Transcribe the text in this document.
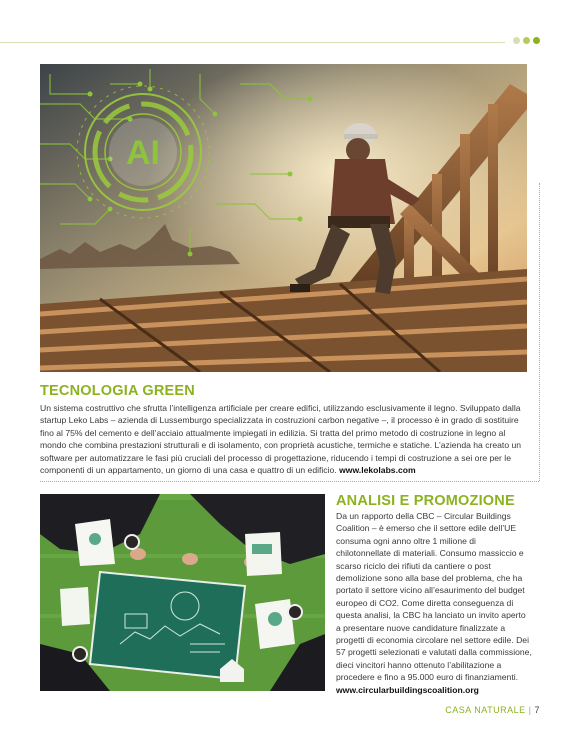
AI
TECNOLOGIA GREEN

Un sistema costruttivo che sfrutta l’intelligenza artificiale per creare edifici, utilizzando esclusivamente il legno. Sviluppato dalla startup Leko Labs – azienda di Lussemburgo specializzata in costruzioni carbon negative –, il processo è in grado di sostituire fino al 75% del cemento e dell’acciaio attualmente impiegati in edilizia. Si tratta del primo metodo di costruzione in legno al mondo che combina prestazioni strutturali e di isolamento, con proprietà acustiche, termiche e statiche. L’azienda ha creato un software per automatizzare le fasi più cruciali del processo di progettazione, riducendo i tempi di costruzione a sei ore per le componenti di un appartamento, un giorno di una casa e quattro di un edificio. www.lekolabs.com

ANALISI E PROMOZIONE

Da un rapporto della CBC – Circular Buildings Coalition – è emerso che il settore edile dell’UE consuma ogni anno oltre 1 milione di chilotonnellate di materiali. Consumo massiccio e scarso riciclo dei rifiuti da cantiere o post demolizione sono alla base del problema, che ha portato il settore vicino all’esaurimento del budget europeo di CO2. Come diretta conseguenza di questa analisi, la CBC ha lanciato un invito aperto a presentare nuove candidature finalizzate a progetti di economia circolare nel settore edile. Dei 57 progetti selezionati e valutati dalla commissione, dieci vincitori hanno ottenuto l’abilitazione a procedere e fino a 95.000 euro di finanziamenti.
www.circularbuildingscoalition.org

CASA NATURALE | 7
